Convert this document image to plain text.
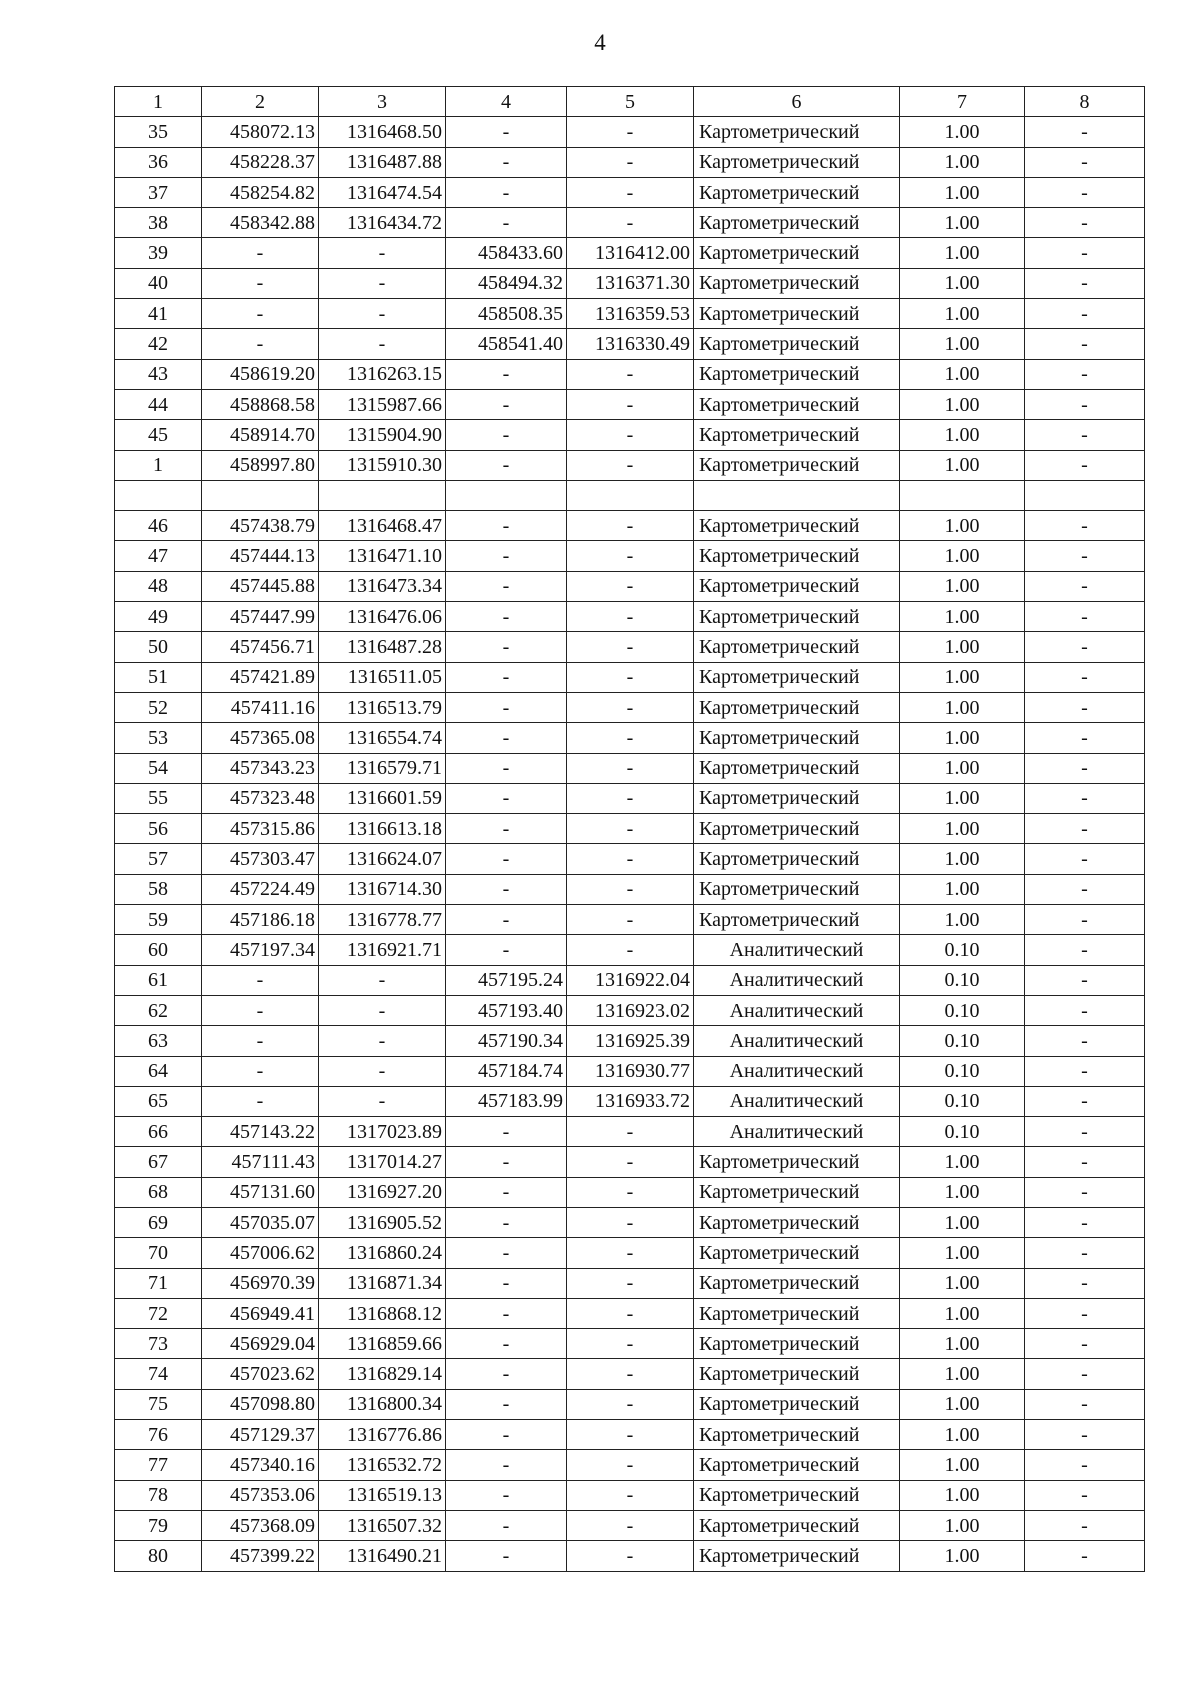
4
1	2	3	4	5	6	7	8
35	458072.13	1316468.50	-	-	Картометрический	1.00	-
36	458228.37	1316487.88	-	-	Картометрический	1.00	-
37	458254.82	1316474.54	-	-	Картометрический	1.00	-
38	458342.88	1316434.72	-	-	Картометрический	1.00	-
39	-	-	458433.60	1316412.00	Картометрический	1.00	-
40	-	-	458494.32	1316371.30	Картометрический	1.00	-
41	-	-	458508.35	1316359.53	Картометрический	1.00	-
42	-	-	458541.40	1316330.49	Картометрический	1.00	-
43	458619.20	1316263.15	-	-	Картометрический	1.00	-
44	458868.58	1315987.66	-	-	Картометрический	1.00	-
45	458914.70	1315904.90	-	-	Картометрический	1.00	-
1	458997.80	1315910.30	-	-	Картометрический	1.00	-

46	457438.79	1316468.47	-	-	Картометрический	1.00	-
47	457444.13	1316471.10	-	-	Картометрический	1.00	-
48	457445.88	1316473.34	-	-	Картометрический	1.00	-
49	457447.99	1316476.06	-	-	Картометрический	1.00	-
50	457456.71	1316487.28	-	-	Картометрический	1.00	-
51	457421.89	1316511.05	-	-	Картометрический	1.00	-
52	457411.16	1316513.79	-	-	Картометрический	1.00	-
53	457365.08	1316554.74	-	-	Картометрический	1.00	-
54	457343.23	1316579.71	-	-	Картометрический	1.00	-
55	457323.48	1316601.59	-	-	Картометрический	1.00	-
56	457315.86	1316613.18	-	-	Картометрический	1.00	-
57	457303.47	1316624.07	-	-	Картометрический	1.00	-
58	457224.49	1316714.30	-	-	Картометрический	1.00	-
59	457186.18	1316778.77	-	-	Картометрический	1.00	-
60	457197.34	1316921.71	-	-	Аналитический	0.10	-
61	-	-	457195.24	1316922.04	Аналитический	0.10	-
62	-	-	457193.40	1316923.02	Аналитический	0.10	-
63	-	-	457190.34	1316925.39	Аналитический	0.10	-
64	-	-	457184.74	1316930.77	Аналитический	0.10	-
65	-	-	457183.99	1316933.72	Аналитический	0.10	-
66	457143.22	1317023.89	-	-	Аналитический	0.10	-
67	457111.43	1317014.27	-	-	Картометрический	1.00	-
68	457131.60	1316927.20	-	-	Картометрический	1.00	-
69	457035.07	1316905.52	-	-	Картометрический	1.00	-
70	457006.62	1316860.24	-	-	Картометрический	1.00	-
71	456970.39	1316871.34	-	-	Картометрический	1.00	-
72	456949.41	1316868.12	-	-	Картометрический	1.00	-
73	456929.04	1316859.66	-	-	Картометрический	1.00	-
74	457023.62	1316829.14	-	-	Картометрический	1.00	-
75	457098.80	1316800.34	-	-	Картометрический	1.00	-
76	457129.37	1316776.86	-	-	Картометрический	1.00	-
77	457340.16	1316532.72	-	-	Картометрический	1.00	-
78	457353.06	1316519.13	-	-	Картометрический	1.00	-
79	457368.09	1316507.32	-	-	Картометрический	1.00	-
80	457399.22	1316490.21	-	-	Картометрический	1.00	-
